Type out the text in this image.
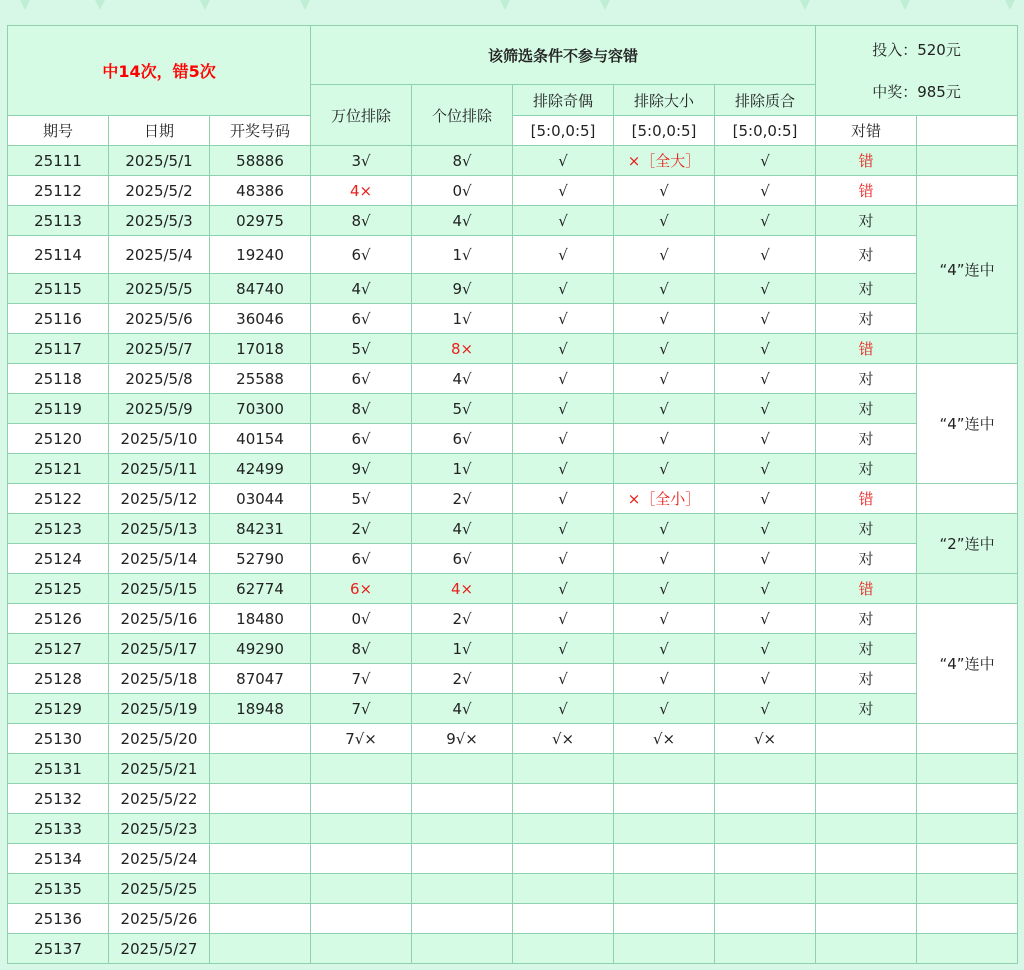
中14次，错5次			该筛选条件不参与容错					投入：520元
中奖：985元	

			万位排除	个位排除	排除奇偶	排除大小	排除质合		
期号	日期	开奖号码			[5:0,0:5]	[5:0,0:5]	[5:0,0:5]	对错	
25111	2025/5/1	58886	3√	8√	√	×［全大］	√	错	
25112	2025/5/2	48386	4×	0√	√	√	√	错	
25113	2025/5/3	02975	8√	4√	√	√	√	对	“4”连中
25114	2025/5/4	19240	6√	1√	√	√	√	对	
25115	2025/5/5	84740	4√	9√	√	√	√	对	
25116	2025/5/6	36046	6√	1√	√	√	√	对	
25117	2025/5/7	17018	5√	8×	√	√	√	错	
25118	2025/5/8	25588	6√	4√	√	√	√	对	“4”连中
25119	2025/5/9	70300	8√	5√	√	√	√	对	
25120	2025/5/10	40154	6√	6√	√	√	√	对	
25121	2025/5/11	42499	9√	1√	√	√	√	对	
25122	2025/5/12	03044	5√	2√	√	×［全小］	√	错	
25123	2025/5/13	84231	2√	4√	√	√	√	对	“2”连中
25124	2025/5/14	52790	6√	6√	√	√	√	对	
25125	2025/5/15	62774	6×	4×	√	√	√	错	
25126	2025/5/16	18480	0√	2√	√	√	√	对	“4”连中
25127	2025/5/17	49290	8√	1√	√	√	√	对	
25128	2025/5/18	87047	7√	2√	√	√	√	对	
25129	2025/5/19	18948	7√	4√	√	√	√	对	
25130	2025/5/20		7√×	9√×	√×	√×	√×		
25131	2025/5/21								
25132	2025/5/22								
25133	2025/5/23								
25134	2025/5/24								
25135	2025/5/25								
25136	2025/5/26								
25137	2025/5/27								
